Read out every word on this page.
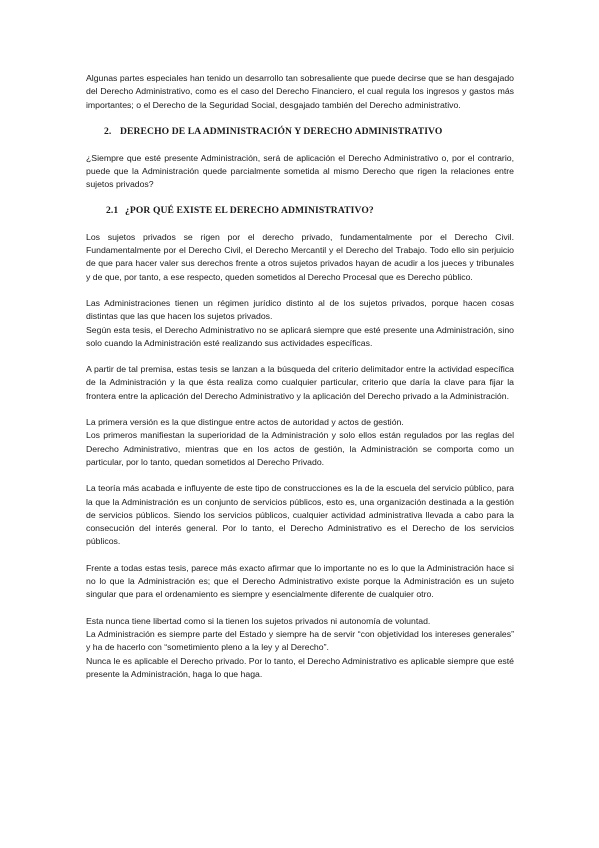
Algunas partes especiales han tenido un desarrollo tan sobresaliente que puede decirse que se han desgajado del Derecho Administrativo, como es el caso del Derecho Financiero, el cual regula los ingresos y gastos más importantes; o el Derecho de la Seguridad Social, desgajado también del Derecho administrativo.

2. DERECHO DE LA ADMINISTRACIÓN Y DERECHO ADMINISTRATIVO

¿Siempre que esté presente Administración, será de aplicación el Derecho Administrativo o, por el contrario, puede que la Administración quede parcialmente sometida al mismo Derecho que rigen la relaciones entre sujetos privados?

2.1 ¿POR QUÉ EXISTE EL DERECHO ADMINISTRATIVO?

Los sujetos privados se rigen por el derecho privado, fundamentalmente por el Derecho Civil. Fundamentalmente por el Derecho Civil, el Derecho Mercantil y el Derecho del Trabajo. Todo ello sin perjuicio de que para hacer valer sus derechos frente a otros sujetos privados hayan de acudir a los jueces y tribunales y de que, por tanto, a ese respecto, queden sometidos al Derecho Procesal que es Derecho público.

Las Administraciones tienen un régimen jurídico distinto al de los sujetos privados, porque hacen cosas distintas que las que hacen los sujetos privados.

Según esta tesis, el Derecho Administrativo no se aplicará siempre que esté presente una Administración, sino solo cuando la Administración esté realizando sus actividades específicas.

A partir de tal premisa, estas tesis se lanzan a la búsqueda del criterio delimitador entre la actividad específica de la Administración y la que ésta realiza como cualquier particular, criterio que daría la clave para fijar la frontera entre la aplicación del Derecho Administrativo y la aplicación del Derecho privado a la Administración.

La primera versión es la que distingue entre actos de autoridad y actos de gestión.

Los primeros manifiestan la superioridad de la Administración y solo ellos están regulados por las reglas del Derecho Administrativo, mientras que en los actos de gestión, la Administración se comporta como un particular, por lo tanto, quedan sometidos al Derecho Privado.

La teoría más acabada e influyente de este tipo de construcciones es la de la escuela del servicio público, para la que la Administración es un conjunto de servicios públicos, esto es, una organización destinada a la gestión de servicios públicos. Siendo los servicios públicos, cualquier actividad administrativa llevada a cabo para la consecución del interés general. Por lo tanto, el Derecho Administrativo es el Derecho de los servicios públicos.

Frente a todas estas tesis, parece más exacto afirmar que lo importante no es lo que la Administración hace si no lo que la Administración es; que el Derecho Administrativo existe porque la Administración es un sujeto singular que para el ordenamiento es siempre y esencialmente diferente de cualquier otro.

Esta nunca tiene libertad como si la tienen los sujetos privados ni autonomía de voluntad.

La Administración es siempre parte del Estado y siempre ha de servir “con objetividad los intereses generales” y ha de hacerlo con “sometimiento pleno a la ley y al Derecho”.

Nunca le es aplicable el Derecho privado. Por lo tanto, el Derecho Administrativo es aplicable siempre que esté presente la Administración, haga lo que haga.
